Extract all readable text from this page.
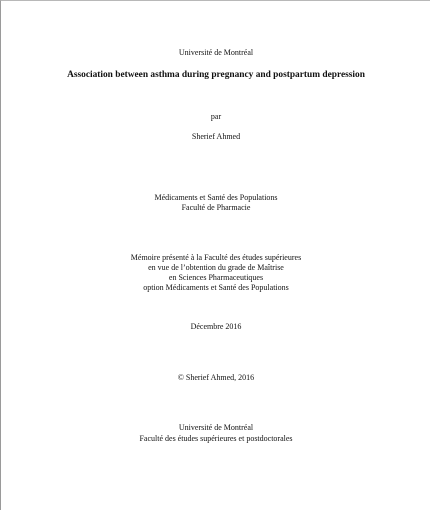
Université de Montréal
Association between asthma during pregnancy and postpartum depression
par
Sherief Ahmed
Médicaments et Santé des Populations
Faculté de Pharmacie
Mémoire présenté à la Faculté des études supérieures
en vue de l’obtention du grade de Maîtrise
en Sciences Pharmaceutiques
option Médicaments et Santé des Populations
Décembre 2016
© Sherief Ahmed, 2016
Université de Montréal
Faculté des études supérieures et postdoctorales
